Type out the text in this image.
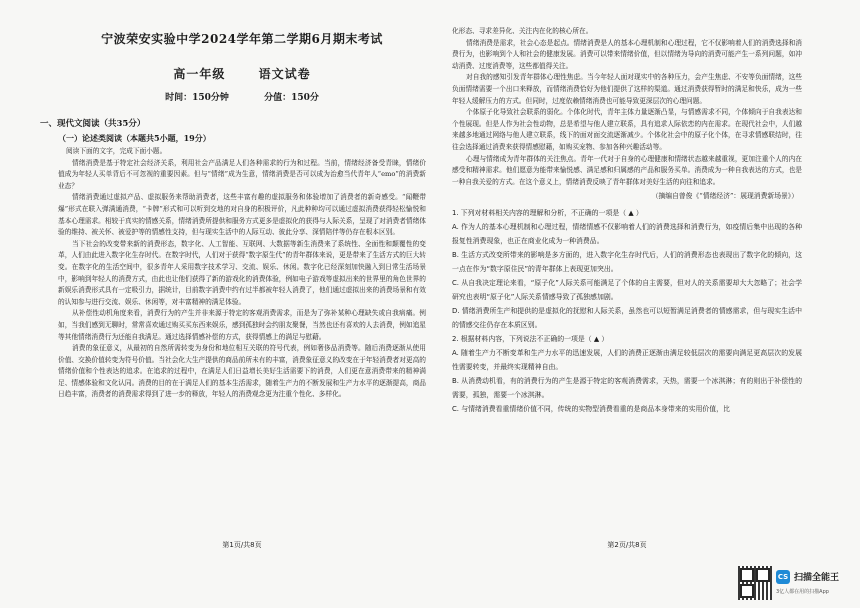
宁波荣安实验中学2024学年第二学期6月期末考试
高一年级	语文试卷
时间：150分钟	分值：150分
一、现代文阅读（共35分）
（一）论述类阅读（本题共5小题，19分）

阅读下面的文字，完成下面小题。

情绪消费是基于特定社会经济关系，利用社会产品满足人们各种需求的行为和过程。当前，情绪经济备受青睐，情绪价值成为年轻人买单背后不可忽视的重要因素。但与“情绪”成为生意，情绪消费是否可以成为治愈当代青年人“emo”的消费新业态？

情绪消费通过虚拟产品、虚拟服务来帮助消费者，这些丰富有趣的虚拟服务和体验增加了消费者的新奇感受。“闻鞭带爆”形式在联入弹满通消费，“卡牌”形式和可以听到交地的对自身的积极评价，凡此种种均可以通过虚拟消费获得轻松愉悦和基本心理需求。相较于真实的情感关系，情绪消费所提供和服务方式更多是虚拟化的获得与人际关系，呈现了对消费者情绪体验的维持、被关怀、被爱护等的情感性支持，但与现实生活中的人际互动、彼此分享、深情陪伴等仍存在根本区别。

当下社会的改变带来新的消费形态，数字化、人工智能、互联网、大数据等新生消费来了系统性、全面性和颠覆性的变革，人们由此进入数字化生存时代。在数字时代，人们对于获得“数字原生代”的青年群体来说，更是带来了生活方式的巨大转变。在数字化的生活空间中，很多青年人采用数字技术学习、交流、娱乐、休闲。数字化已经深刻加快融入到日常生活场景中，影响到年轻人的消费方式，由此也让他们获得了新的游戏化的消费体验，例如电子游戏等虚拟出来的世界里的角色世界的新娱乐消费形式具有一定吸引力，据统计，目前数字消费中约有过半都被年轻人消费了，他们通过虚拟出来的消费场景和有效的认知参与进行交流、娱乐、休闲等，对丰富精神的满足体验。

从补偿性动机角度来看，消费行为的产生并非来源于特定的客观消费需求，而是为了弥补某种心理缺失或自我病痛。例如，当我们感到无聊时，常常喜欢通过购买买东西来娱乐，感到孤独时会约朋友聚餐，当然也还有喜欢的人去消费，例如追星等其他情绪消费行为还能自我满足。通过选择情感补偿的方式，获得情感上的满足与慰藉。

消费的象征意义，从最初的自然所需转变为身份和地位相互关联的符号代表，例如奢侈品消费等。随后消费逐渐从使用价值、交换价值转变为符号价值。当社会化大生产提供的商品前所未有的丰富，消费象征意义的改变在于年轻消费者对更高的情绪价值和个性表达的追求。在追求的过程中，在满足人们日益增长美好生活需要下的消费，人们更在意消费带来的精神满足、情感体验和文化认同。消费的目的在于满足人们的基本生活需求，随着生产力的不断发展和生产力水平的逐渐提高，商品日趋丰富，消费者的消费需求得到了进一步的释放，年轻人的消费观念更为注重个性化、多样化。

第1页/共8页

化形态、寻求差异化、关注内在化的核心所在。

情绪消费是需求，社会心态是起点。情绪消费是人的基本心理机制和心理过程，它不仅影响着人们的消费选择和消费行为，也影响到个人和社会的健康发展。消费可以带来情绪价值，但以情绪为导向的消费可能产生一系列问题，如冲动消费、过度消费等，这些都值得关注。

对自我的感知引发青年群体心理性焦虑。当今年轻人面对现实中的各种压力，会产生焦虑、不安等负面情绪，这些负面情绪需要一个出口来释放，而情绪消费恰好为他们提供了这样的渠道。通过消费获得暂时的满足和快乐，成为一些年轻人缓解压力的方式。但同时，过度依赖情绪消费也可能导致更深层次的心理问题。

个体原子化导致社会联系的弱化。个体化时代，青年主体力量逐渐凸显，与情感需求不同，个体倾向于自我表达和个性展现。但是人作为社会性动物，总是希望与他人建立联系，具有追求人际依恋的内在需求。在现代社会中，人们越来越多地通过网络与他人建立联系，线下的面对面交流逐渐减少。个体化社会中的原子化个体，在寻求情感联结时，往往会选择通过消费来获得情感慰藉，如购买宠物、参加各种兴趣活动等。

心理与情绪成为青年群体的关注焦点。青年一代对于自身的心理健康和情绪状态越来越重视，更加注重个人的内在感受和精神需求。他们愿意为能带来愉悦感、满足感和归属感的产品和服务买单。消费成为一种自我表达的方式，也是一种自我关爱的方式。在这个意义上，情绪消费反映了青年群体对美好生活的向往和追求。

（摘编自曾俊《“情绪经济”：展现消费新场景》）

1. 下列对材料相关内容的理解和分析，不正确的一项是（ ▲ ）

A. 作为人的基本心理机制和心理过程，情绪情感不仅影响着人们的消费选择和消费行为，如疫情后集中出现的各种报复性消费现象，也正在商业化成为一种消费品。

B. 生活方式改变所带来的影响是多方面的，进入数字化生存时代后，人们的消费形态也表现出了数字化的倾向，这一点在作为“数字原住民”的青年群体上表现更加突出。

C. 从自我决定理论来看，“原子化”人际关系可能满足了个体的自主需要，但对人的关系需要却大大忽略了；社会学研究也表明“原子化”人际关系情感导致了孤独感加剧。

D. 情绪消费所生产和提供的是虚拟化的抚慰和人际关系，虽然也可以短暂满足消费者的情感需求，但与现实生活中的情感交往仍存在本质区别。

2. 根据材料内容，下列说法不正确的一项是（ ▲ ）

A. 随着生产力不断变革和生产力水平的迅速发展，人们的消费正逐渐由满足较低层次的需要向满足更高层次的发展性需要转变，并最终实现精神自由。

B. 从消费动机看，有的消费行为的产生是源于特定的客观消费需求，天热，需要一个冰淇淋；有的则出于补偿性的需要，孤独，需要一个冰淇淋。

C. 与情绪消费看重情绪价值不同，传统的实物型消费看重的是商品本身带来的实用价值，比

第2页/共8页
CS 扫描全能王
3亿人都在用的扫描App
